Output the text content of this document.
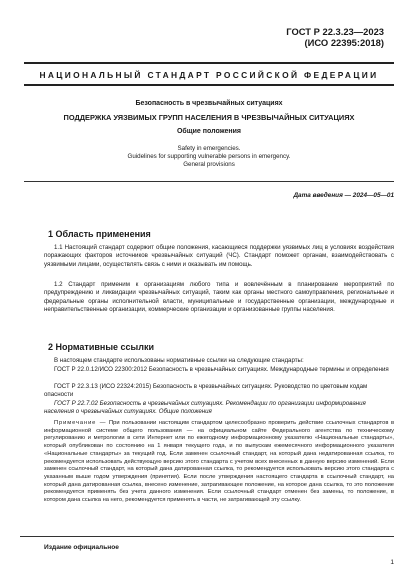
ГОСТ Р 22.3.23—2023
(ИСО 22395:2018)
НАЦИОНАЛЬНЫЙ СТАНДАРТ РОССИЙСКОЙ ФЕДЕРАЦИИ
Безопасность в чрезвычайных ситуациях
ПОДДЕРЖКА УЯЗВИМЫХ ГРУПП НАСЕЛЕНИЯ В ЧРЕЗВЫЧАЙНЫХ СИТУАЦИЯХ
Общие положения
Safety in emergencies.
Guidelines for supporting vulnerable persons in emergency.
General provisions
Дата введения — 2024—05—01
1 Область применения

1.1 Настоящий стандарт содержит общие положения, касающиеся поддержки уязвимых лиц в условиях воздействия поражающих факторов источников чрезвычайных ситуаций (ЧС). Стандарт поможет органам, взаимодействовать с уязвимыми лицами, осуществлять связь с ними и оказывать им помощь.

1.2 Стандарт применим к организациям любого типа и вовлечённым в планирование мероприятий по предупреждению и ликвидации чрезвычайных ситуаций, таким как органы местного самоуправления, региональные и федеральные органы исполнительной власти, муниципальные и государственные организации, международные и неправительственные организации, коммерческие организации и организованные группы населения.

2 Нормативные ссылки

В настоящем стандарте использованы нормативные ссылки на следующие стандарты:

ГОСТ Р 22.0.12/ИСО 22300:2012 Безопасность в чрезвычайных ситуациях. Международные термины и определения

ГОСТ Р 22.3.13 (ИСО 22324:2015) Безопасность в чрезвычайных ситуациях. Руководство по цветовым кодам опасности

ГОСТ Р 22.7.02 Безопасность в чрезвычайных ситуациях. Рекомендации по организации информирования населения о чрезвычайных ситуациях. Общие положения

Примечание — При пользовании настоящим стандартом целесообразно проверить действие ссылочных стандартов в информационной системе общего пользования — на официальном сайте Федерального агентства по техническому регулированию и метрологии в сети Интернет или по ежегодному информационному указателю «Национальные стандарты», который опубликован по состоянию на 1 января текущего года, и по выпускам ежемесячного информационного указателя «Национальные стандарты» за текущий год. Если заменен ссылочный стандарт, на который дана недатированная ссылка, то рекомендуется использовать действующую версию этого стандарта с учетом всех внесенных в данную версию изменений. Если заменен ссылочный стандарт, на который дана датированная ссылка, то рекомендуется использовать версию этого стандарта с указанным выше годом утверждения (принятия). Если после утверждения настоящего стандарта в ссылочный стандарт, на который дана датированная ссылка, внесено изменение, затрагивающее положение, на которое дана ссылка, то это положение рекомендуется применять без учета данного изменения. Если ссылочный стандарт отменен без замены, то положение, в котором дана ссылка на него, рекомендуется применять в части, не затрагивающей эту ссылку.

Издание официальное
1
